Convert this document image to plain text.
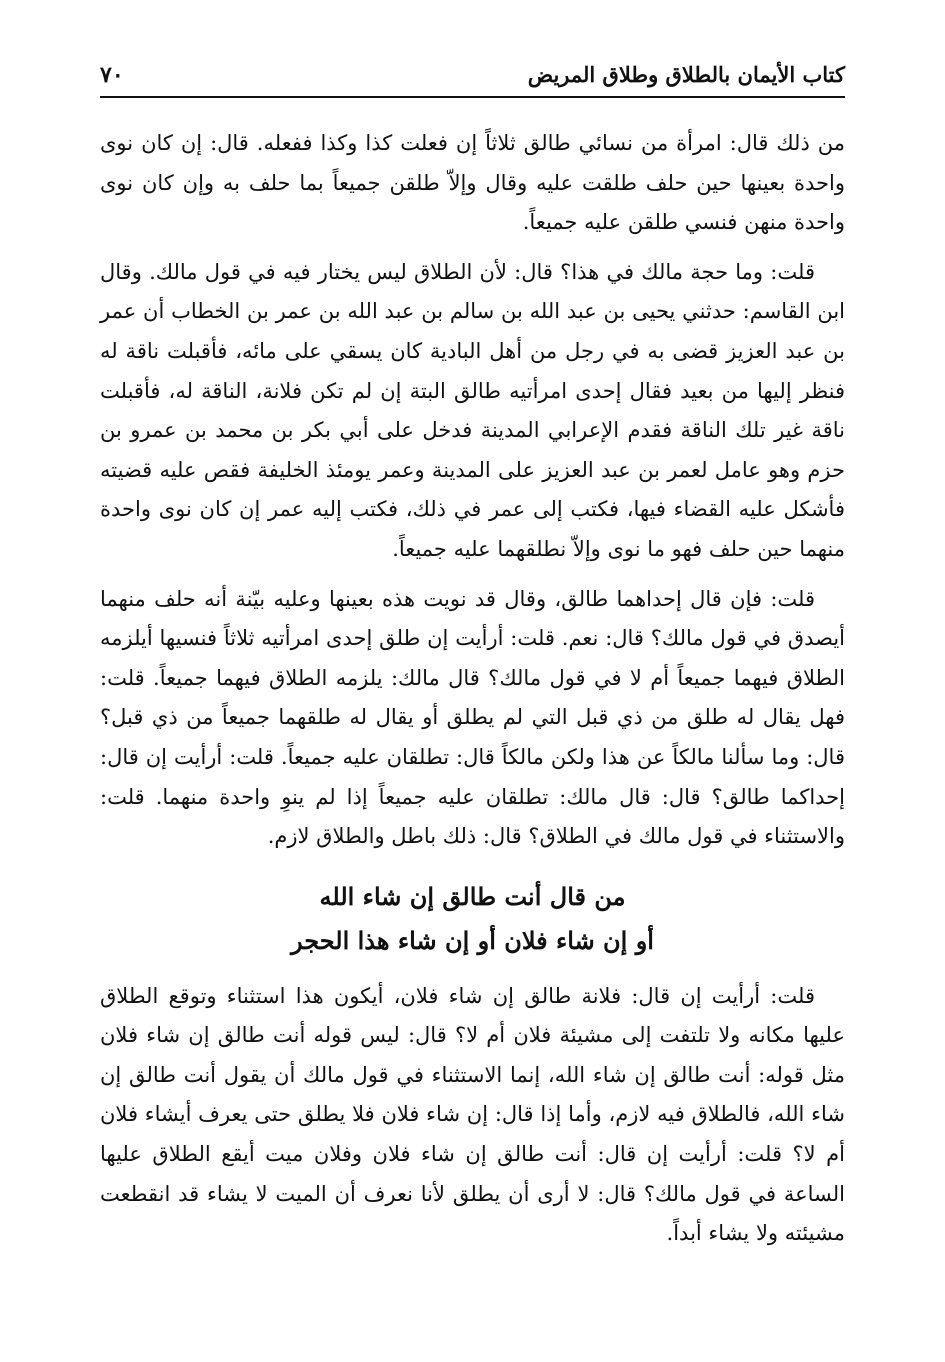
كتاب الأيمان بالطلاق وطلاق المريض
٧٠

من ذلك قال: امرأة من نسائي طالق ثلاثاً إن فعلت كذا وكذا ففعله. قال: إن كان نوى واحدة بعينها حين حلف طلقت عليه وقال وإلاّ طلقن جميعاً بما حلف به وإن كان نوى واحدة منهن فنسي طلقن عليه جميعاً.

قلت: وما حجة مالك في هذا؟ قال: لأن الطلاق ليس يختار فيه في قول مالك. وقال ابن القاسم: حدثني يحيى بن عبد الله بن سالم بن عبد الله بن عمر بن الخطاب أن عمر بن عبد العزيز قضى به في رجل من أهل البادية كان يسقي على مائه، فأقبلت ناقة له فنظر إليها من بعيد فقال إحدى امرأتيه طالق البتة إن لم تكن فلانة، الناقة له، فأقبلت ناقة غير تلك الناقة فقدم الإعرابي المدينة فدخل على أبي بكر بن محمد بن عمرو بن حزم وهو عامل لعمر بن عبد العزيز على المدينة وعمر يومئذ الخليفة فقص عليه قضيته فأشكل عليه القضاء فيها، فكتب إلى عمر في ذلك، فكتب إليه عمر إن كان نوى واحدة منهما حين حلف فهو ما نوى وإلاّ نطلقهما عليه جميعاً.

قلت: فإن قال إحداهما طالق، وقال قد نويت هذه بعينها وعليه بيّنة أنه حلف منهما أيصدق في قول مالك؟ قال: نعم. قلت: أرأيت إن طلق إحدى امرأتيه ثلاثاً فنسيها أيلزمه الطلاق فيهما جميعاً أم لا في قول مالك؟ قال مالك: يلزمه الطلاق فيهما جميعاً. قلت: فهل يقال له طلق من ذي قبل التي لم يطلق أو يقال له طلقهما جميعاً من ذي قبل؟ قال: وما سألنا مالكاً عن هذا ولكن مالكاً قال: تطلقان عليه جميعاً. قلت: أرأيت إن قال: إحداكما طالق؟ قال: قال مالك: تطلقان عليه جميعاً إذا لم ينوِ واحدة منهما. قلت: والاستثناء في قول مالك في الطلاق؟ قال: ذلك باطل والطلاق لازم.

من قال أنت طالق إن شاء الله
أو إن شاء فلان أو إن شاء هذا الحجر

قلت: أرأيت إن قال: فلانة طالق إن شاء فلان، أيكون هذا استثناء وتوقع الطلاق عليها مكانه ولا تلتفت إلى مشيئة فلان أم لا؟ قال: ليس قوله أنت طالق إن شاء فلان مثل قوله: أنت طالق إن شاء الله، إنما الاستثناء في قول مالك أن يقول أنت طالق إن شاء الله، فالطلاق فيه لازم، وأما إذا قال: إن شاء فلان فلا يطلق حتى يعرف أيشاء فلان أم لا؟ قلت: أرأيت إن قال: أنت طالق إن شاء فلان وفلان ميت أيقع الطلاق عليها الساعة في قول مالك؟ قال: لا أرى أن يطلق لأنا نعرف أن الميت لا يشاء قد انقطعت مشيئته ولا يشاء أبداً.
